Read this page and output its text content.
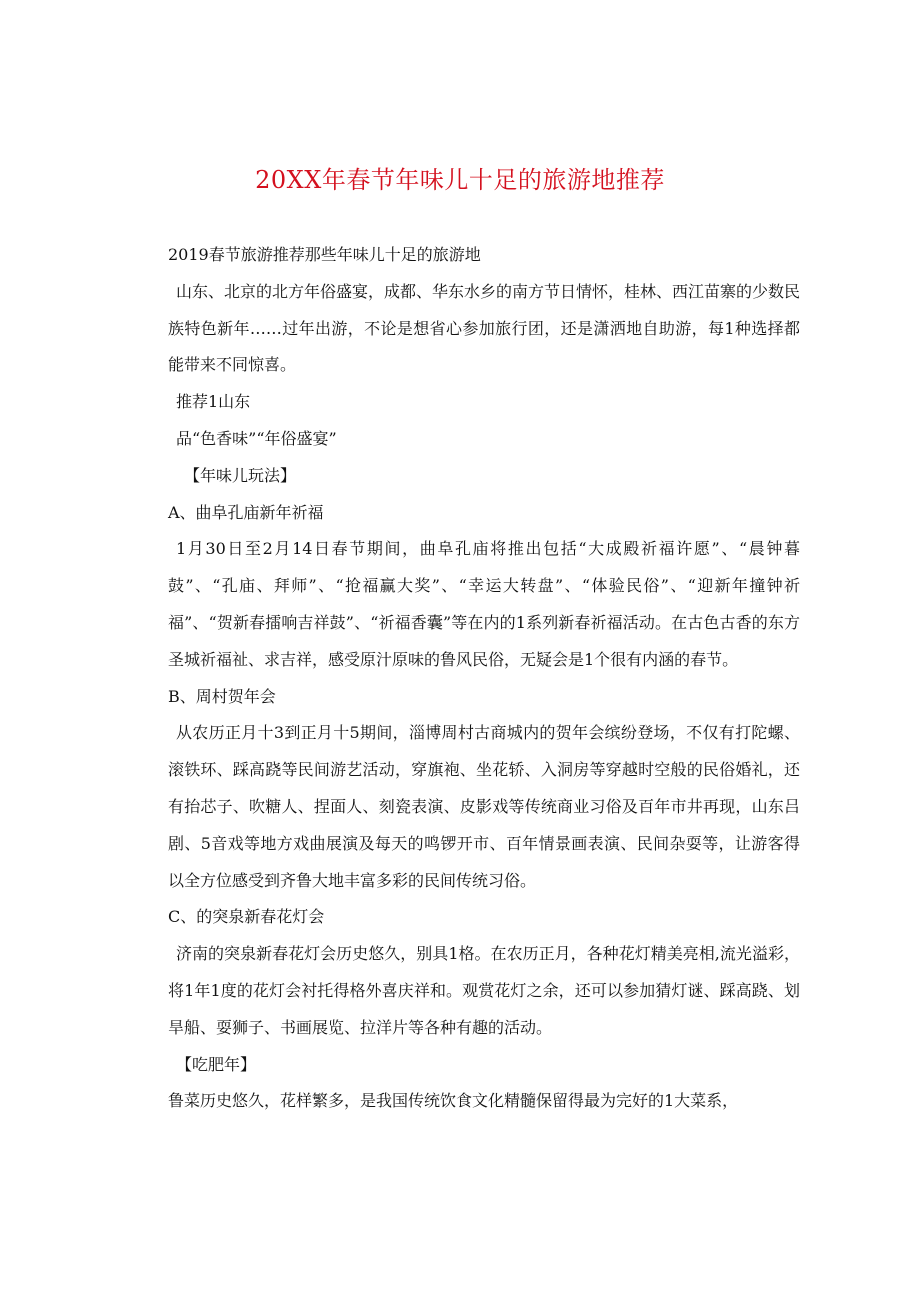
20XX年春节年味儿十足的旅游地推荐

2019春节旅游推荐那些年味儿十足的旅游地

山东、北京的北方年俗盛宴，成都、华东水乡的南方节日情怀，桂林、西江苗寨的少数民族特色新年……过年出游，不论是想省心参加旅行团，还是潇洒地自助游，每1种选择都能带来不同惊喜。

推荐1山东

品“色香味”“年俗盛宴”

【年味儿玩法】

A、曲阜孔庙新年祈福

1月30日至2月14日春节期间，曲阜孔庙将推出包括“大成殿祈福许愿”、“晨钟暮鼓”、“孔庙、拜师”、“抢福赢大奖”、“幸运大转盘”、“体验民俗”、“迎新年撞钟祈福”、“贺新春擂响吉祥鼓”、“祈福香囊”等在内的1系列新春祈福活动。在古色古香的东方圣城祈福祉、求吉祥，感受原汁原味的鲁风民俗，无疑会是1个很有内涵的春节。

B、周村贺年会

从农历正月十3到正月十5期间，淄博周村古商城内的贺年会缤纷登场，不仅有打陀螺、滚铁环、踩高跷等民间游艺活动，穿旗袍、坐花轿、入洞房等穿越时空般的民俗婚礼，还有抬芯子、吹糖人、捏面人、刻瓷表演、皮影戏等传统商业习俗及百年市井再现，山东吕剧、5音戏等地方戏曲展演及每天的鸣锣开市、百年情景画表演、民间杂耍等，让游客得以全方位感受到齐鲁大地丰富多彩的民间传统习俗。

C、的突泉新春花灯会

济南的突泉新春花灯会历史悠久，别具1格。在农历正月，各种花灯精美亮相,流光溢彩，将1年1度的花灯会衬托得格外喜庆祥和。观赏花灯之余，还可以参加猜灯谜、踩高跷、划旱船、耍狮子、书画展览、拉洋片等各种有趣的活动。

【吃肥年】

鲁菜历史悠久，花样繁多，是我国传统饮食文化精髓保留得最为完好的1大菜系，
